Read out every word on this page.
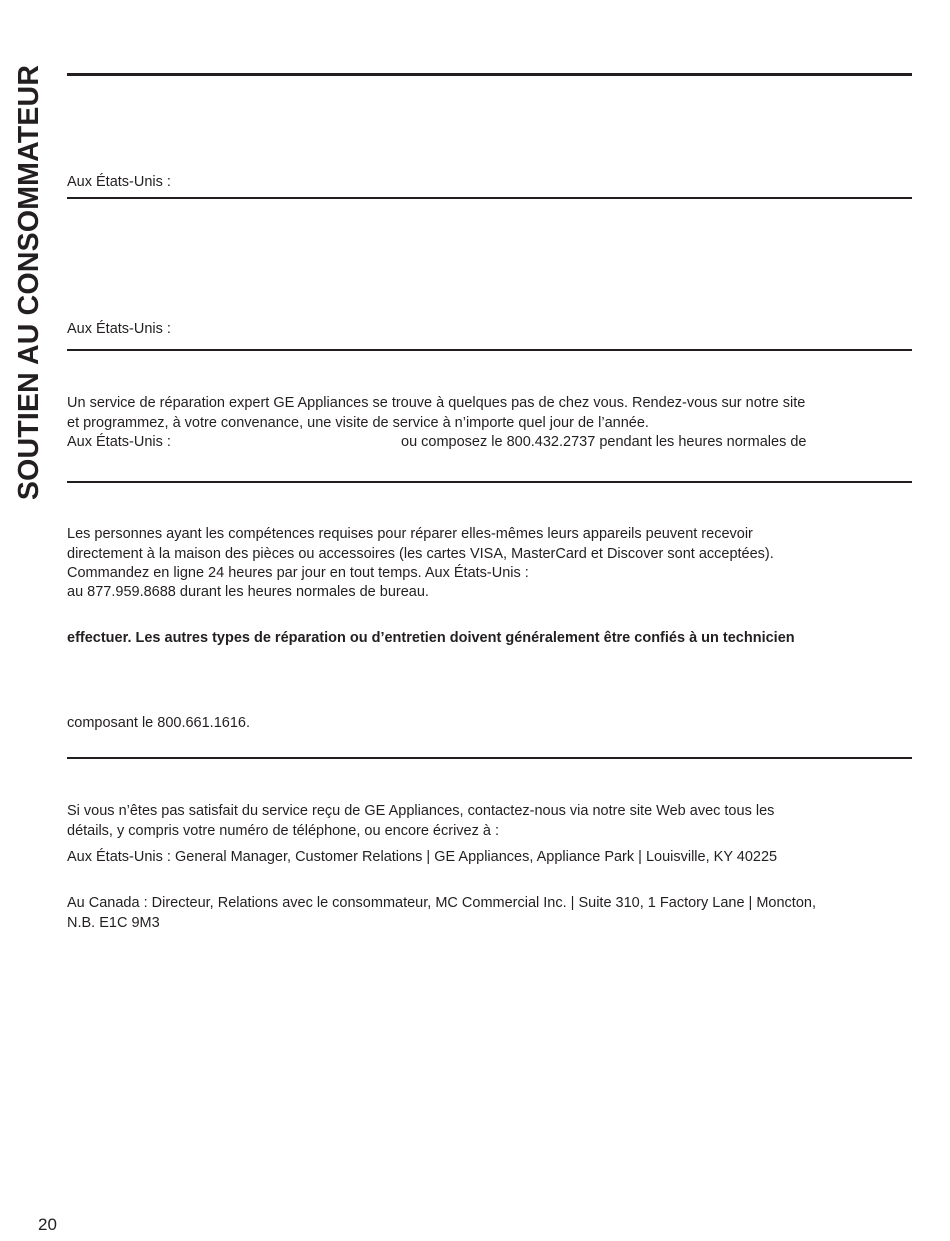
SOUTIEN AU CONSOMMATEUR Aux États-Unis :

Aux États-Unis :

Un service de réparation expert GE Appliances se trouve à quelques pas de chez vous. Rendez-vous sur notre site

et programmez, à votre convenance, une visite de service à n’importe quel jour de l’année.

Aux États-Unis :	ou composez le 800.432.2737 pendant les heures normales de

Les personnes ayant les compétences requises pour réparer elles-mêmes leurs appareils peuvent recevoir

directement à la maison des pièces ou accessoires (les cartes VISA, MasterCard et Discover sont acceptées).

Commandez en ligne 24 heures par jour en tout temps. Aux États-Unis :

au 877.959.8688 durant les heures normales de bureau.

effectuer. Les autres types de réparation ou d’entretien doivent généralement être confiés à un technicien

composant le 800.661.1616.

Si vous n’êtes pas satisfait du service reçu de GE Appliances, contactez-nous via notre site Web avec tous les

détails, y compris votre numéro de téléphone, ou encore écrivez à :

Aux États-Unis : General Manager, Customer Relations | GE Appliances, Appliance Park | Louisville, KY 40225

Au Canada : Directeur, Relations avec le consommateur, MC Commercial Inc. | Suite 310, 1 Factory Lane | Moncton,

N.B. E1C 9M3

20
